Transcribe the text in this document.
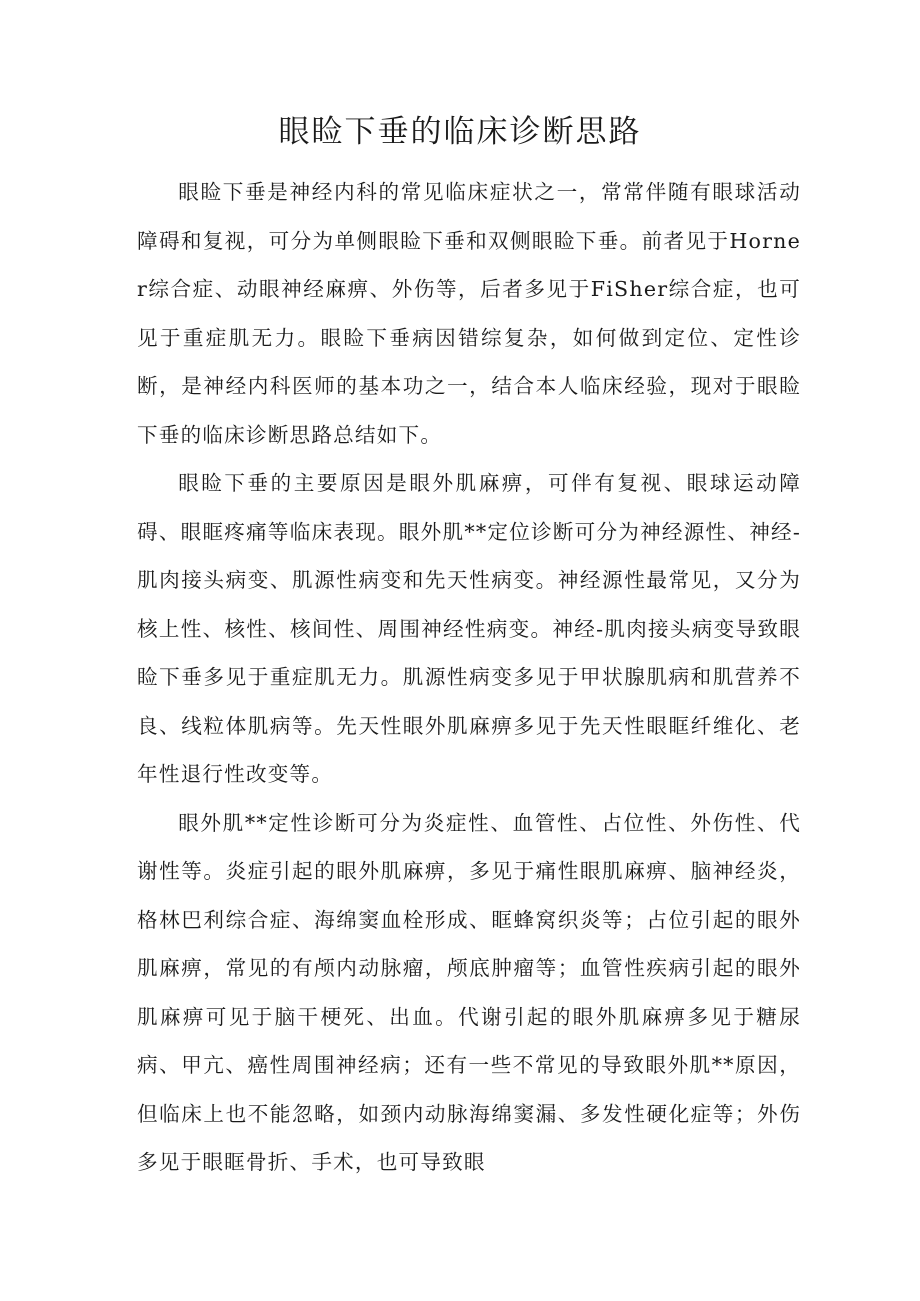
眼睑下垂的临床诊断思路

眼睑下垂是神经内科的常见临床症状之一，常常伴随有眼球活动障碍和复视，可分为单侧眼睑下垂和双侧眼睑下垂。前者见于Horner综合症、动眼神经麻痹、外伤等，后者多见于FiSher综合症，也可见于重症肌无力。眼睑下垂病因错综复杂，如何做到定位、定性诊断，是神经内科医师的基本功之一，结合本人临床经验，现对于眼睑下垂的临床诊断思路总结如下。

眼睑下垂的主要原因是眼外肌麻痹，可伴有复视、眼球运动障碍、眼眶疼痛等临床表现。眼外肌**定位诊断可分为神经源性、神经-肌肉接头病变、肌源性病变和先天性病变。神经源性最常见，又分为核上性、核性、核间性、周围神经性病变。神经-肌肉接头病变导致眼睑下垂多见于重症肌无力。肌源性病变多见于甲状腺肌病和肌营养不良、线粒体肌病等。先天性眼外肌麻痹多见于先天性眼眶纤维化、老年性退行性改变等。

眼外肌**定性诊断可分为炎症性、血管性、占位性、外伤性、代谢性等。炎症引起的眼外肌麻痹，多见于痛性眼肌麻痹、脑神经炎，格林巴利综合症、海绵窦血栓形成、眶蜂窝织炎等；占位引起的眼外肌麻痹，常见的有颅内动脉瘤，颅底肿瘤等；血管性疾病引起的眼外肌麻痹可见于脑干梗死、出血。代谢引起的眼外肌麻痹多见于糖尿病、甲亢、癌性周围神经病；还有一些不常见的导致眼外肌**原因，但临床上也不能忽略，如颈内动脉海绵窦漏、多发性硬化症等；外伤多见于眼眶骨折、手术，也可导致眼
